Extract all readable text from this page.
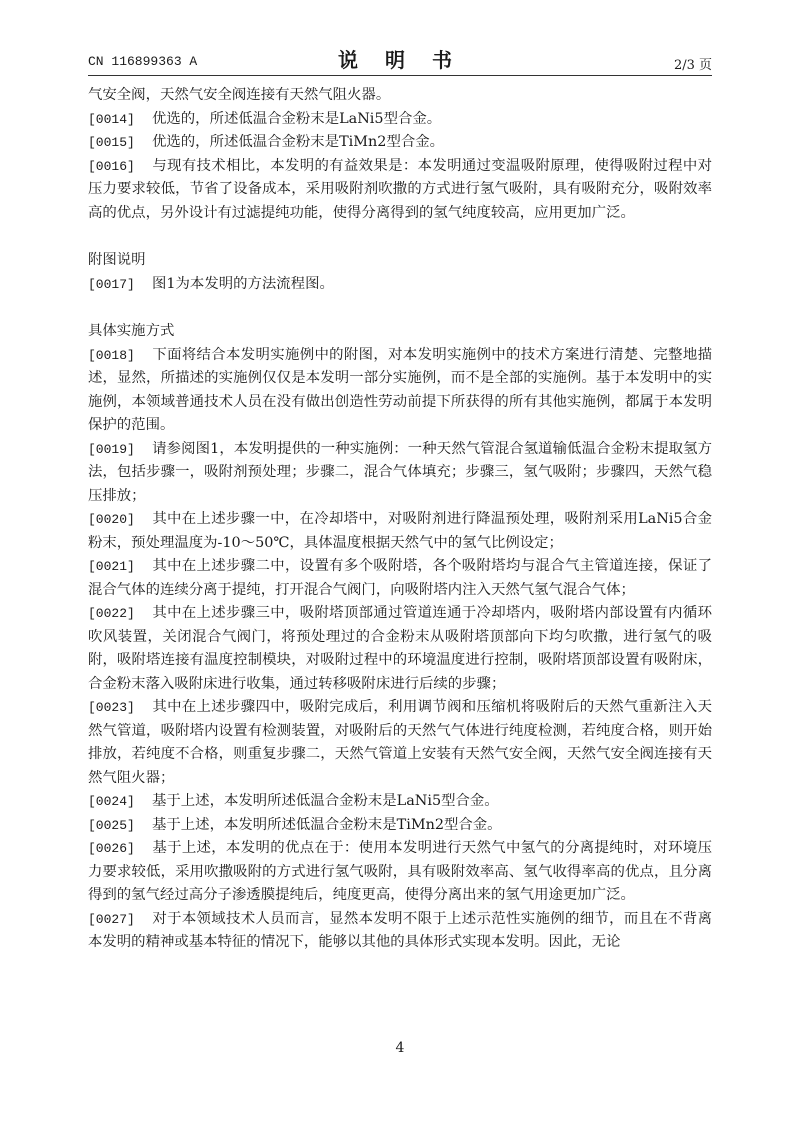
CN 116899363 A	说 明 书	2/3 页

气安全阀，天然气安全阀连接有天然气阻火器。

[0014] 优选的，所述低温合金粉末是LaNi5型合金。

[0015] 优选的，所述低温合金粉末是TiMn2型合金。

[0016] 与现有技术相比，本发明的有益效果是：本发明通过变温吸附原理，使得吸附过程中对压力要求较低，节省了设备成本，采用吸附剂吹撒的方式进行氢气吸附，具有吸附充分，吸附效率高的优点，另外设计有过滤提纯功能，使得分离得到的氢气纯度较高，应用更加广泛。

附图说明

[0017] 图1为本发明的方法流程图。

具体实施方式

[0018] 下面将结合本发明实施例中的附图，对本发明实施例中的技术方案进行清楚、完整地描述，显然，所描述的实施例仅仅是本发明一部分实施例，而不是全部的实施例。基于本发明中的实施例，本领域普通技术人员在没有做出创造性劳动前提下所获得的所有其他实施例，都属于本发明保护的范围。

[0019] 请参阅图1，本发明提供的一种实施例：一种天然气管混合氢道输低温合金粉末提取氢方法，包括步骤一，吸附剂预处理；步骤二，混合气体填充；步骤三，氢气吸附；步骤四，天然气稳压排放；

[0020] 其中在上述步骤一中，在冷却塔中，对吸附剂进行降温预处理，吸附剂采用LaNi5合金粉末，预处理温度为-10～50℃，具体温度根据天然气中的氢气比例设定；

[0021] 其中在上述步骤二中，设置有多个吸附塔，各个吸附塔均与混合气主管道连接，保证了混合气体的连续分离于提纯，打开混合气阀门，向吸附塔内注入天然气氢气混合气体；

[0022] 其中在上述步骤三中，吸附塔顶部通过管道连通于冷却塔内，吸附塔内部设置有内循环吹风装置，关闭混合气阀门，将预处理过的合金粉末从吸附塔顶部向下均匀吹撒，进行氢气的吸附，吸附塔连接有温度控制模块，对吸附过程中的环境温度进行控制，吸附塔顶部设置有吸附床，合金粉末落入吸附床进行收集，通过转移吸附床进行后续的步骤；

[0023] 其中在上述步骤四中，吸附完成后，利用调节阀和压缩机将吸附后的天然气重新注入天然气管道，吸附塔内设置有检测装置，对吸附后的天然气气体进行纯度检测，若纯度合格，则开始排放，若纯度不合格，则重复步骤二，天然气管道上安装有天然气安全阀，天然气安全阀连接有天然气阻火器；

[0024] 基于上述，本发明所述低温合金粉末是LaNi5型合金。

[0025] 基于上述，本发明所述低温合金粉末是TiMn2型合金。

[0026] 基于上述，本发明的优点在于：使用本发明进行天然气中氢气的分离提纯时，对环境压力要求较低，采用吹撒吸附的方式进行氢气吸附，具有吸附效率高、氢气收得率高的优点，且分离得到的氢气经过高分子渗透膜提纯后，纯度更高，使得分离出来的氢气用途更加广泛。

[0027] 对于本领域技术人员而言，显然本发明不限于上述示范性实施例的细节，而且在不背离本发明的精神或基本特征的情况下，能够以其他的具体形式实现本发明。因此，无论

4
